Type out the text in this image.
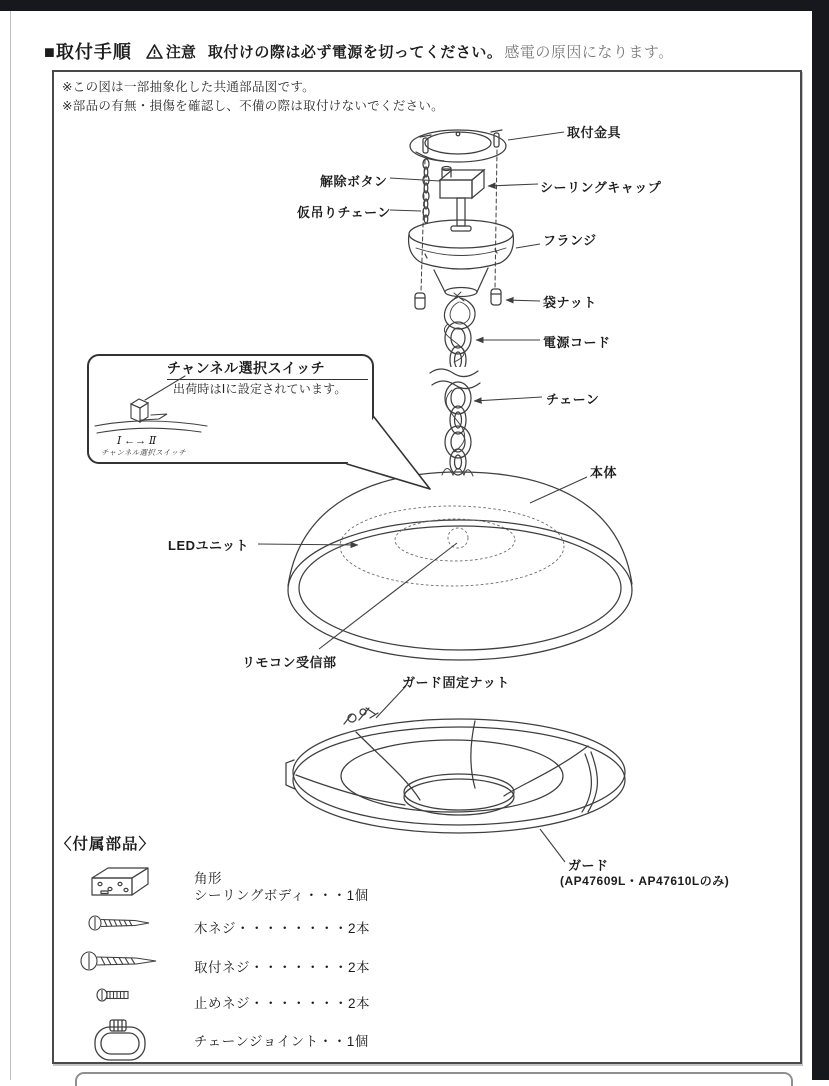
■取付手順 注意 取付けの際は必ず電源を切ってください。 感電の原因になります。
※この図は一部抽象化した共通部品図です。
※部品の有無・損傷を確認し、不備の際は取付けないでください。
チャンネル選択スイッチ
出荷時はⅠに設定されています。
Ⅰ ←→ Ⅱ
チャンネル選択スイッチ
取付金具
解除ボタン	シーリングキャップ
仮吊りチェーン
フランジ
袋ナット
電源コード
チェーン
本体
LEDユニット
リモコン受信部
ガード固定ナット
ガード
(AP47609L・AP47610Lのみ)
〈付属部品〉
角形
シーリングボディ・・・1個
木ネジ・・・・・・・・2本
取付ネジ・・・・・・・2本
止めネジ・・・・・・・2本
チェーンジョイント・・1個
